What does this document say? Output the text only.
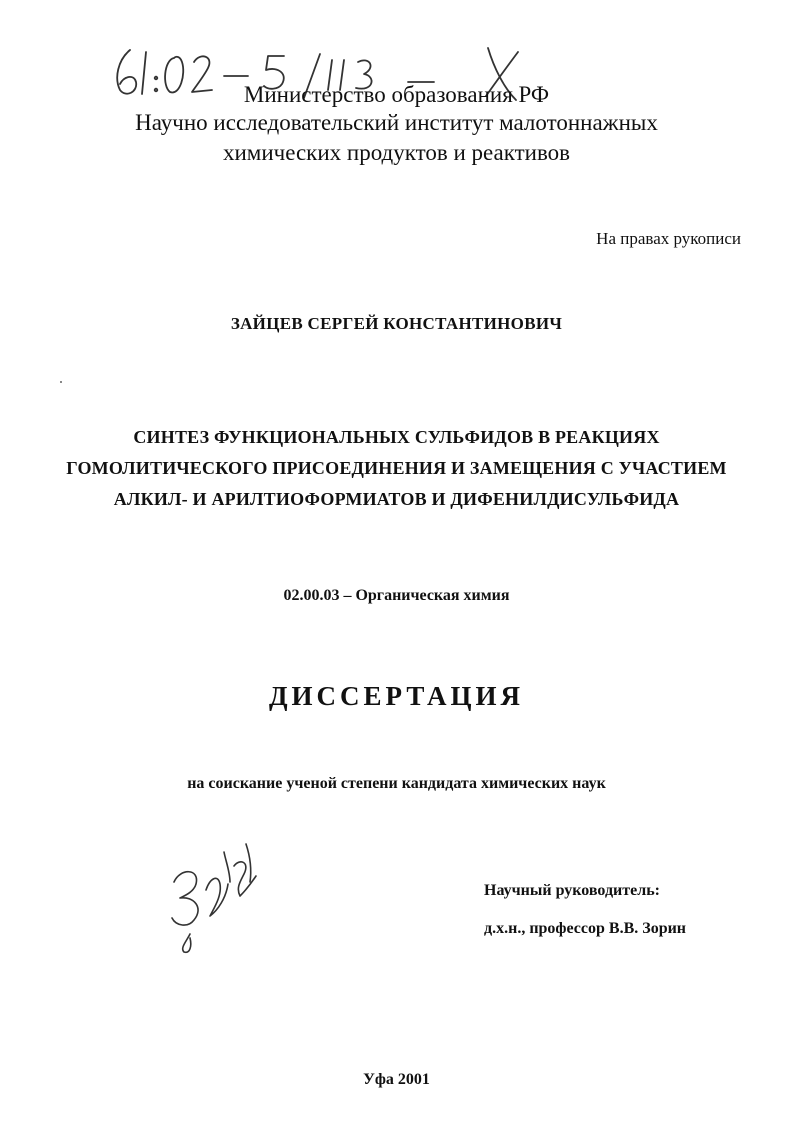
Министерство образования РФ
Научно исследовательский институт малотоннажных
химических продуктов и реактивов
На правах рукописи
ЗАЙЦЕВ СЕРГЕЙ КОНСТАНТИНОВИЧ
СИНТЕЗ ФУНКЦИОНАЛЬНЫХ СУЛЬФИДОВ В РЕАКЦИЯХ
ГОМОЛИТИЧЕСКОГО ПРИСОЕДИНЕНИЯ И ЗАМЕЩЕНИЯ С УЧАСТИЕМ
АЛКИЛ- И АРИЛТИОФОРМИАТОВ И ДИФЕНИЛДИСУЛЬФИДА
02.00.03 – Органическая химия
ДИССЕРТАЦИЯ
на соискание ученой степени кандидата химических наук
Научный руководитель:
д.х.н., профессор В.В. Зорин
Уфа 2001
